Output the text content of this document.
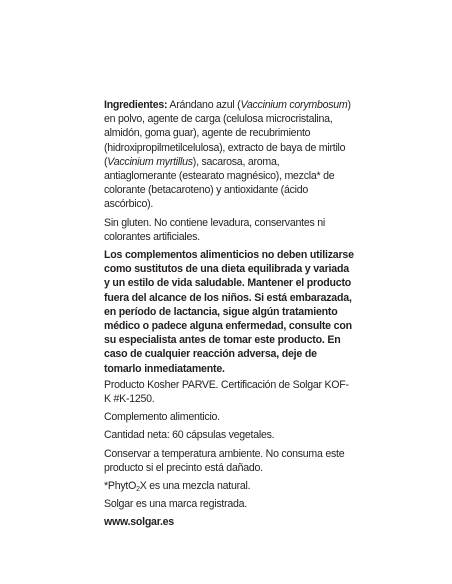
Ingredientes: Arándano azul (Vaccinium corymbosum) en polvo, agente de carga (celulosa microcristalina, almidón, goma guar), agente de recubrimiento (hidroxipropilmetilcelulosa), extracto de baya de mirtilo (Vaccinium myrtillus), sacarosa, aroma, antiaglomerante (estearato magnésico), mezcla* de colorante (betacaroteno) y antioxidante (ácido ascórbico).

Sin gluten. No contiene levadura, conservantes ni colorantes artificiales.

Los complementos alimenticios no deben utilizarse como sustitutos de una dieta equilibrada y variada y un estilo de vida saludable. Mantener el producto fuera del alcance de los niños. Si está embarazada, en período de lactancia, sigue algún tratamiento médico o padece alguna enfermedad, consulte con su especialista antes de tomar este producto. En caso de cualquier reacción adversa, deje de tomarlo inmediatamente.

Producto Kosher PARVE. Certificación de Solgar KOF-K #K-1250.

Complemento alimenticio.

Cantidad neta: 60 cápsulas vegetales.

Conservar a temperatura ambiente. No consuma este producto si el precinto está dañado.

*PhytO$_2$X es una mezcla natural.

Solgar es una marca registrada.

www.solgar.es
